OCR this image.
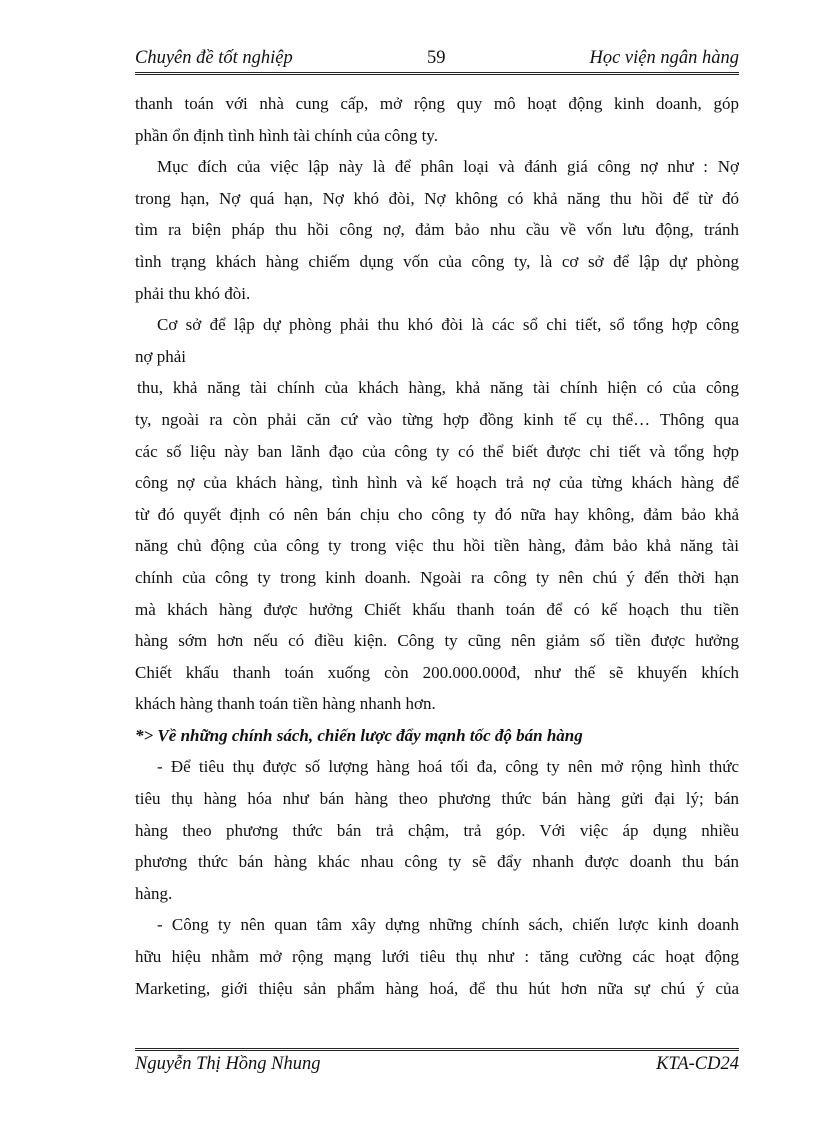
Chuyên đề tốt nghiệp	59	Học viện ngân hàng
thanh toán với nhà cung cấp, mở rộng quy mô hoạt động kinh doanh, góp
phần ổn định tình hình tài chính của công ty.
Mục đích của việc lập này là để phân loại và đánh giá công nợ như : Nợ
trong hạn, Nợ quá hạn, Nợ khó đòi, Nợ không có khả năng thu hồi để từ đó
tìm ra biện pháp thu hồi công nợ, đảm bảo nhu cầu về vốn lưu động, tránh
tình trạng khách hàng chiếm dụng vốn của công ty, là cơ sở để lập dự phòng
phải thu khó đòi.
Cơ sở để lập dự phòng phải thu khó đòi là các sổ chi tiết, sổ tổng hợp công
nợ phải
thu, khả năng tài chính của khách hàng, khả năng tài chính hiện có của công
ty, ngoài ra còn phải căn cứ vào từng hợp đồng kinh tế cụ thể… Thông qua
các số liệu này ban lãnh đạo của công ty có thể biết được chi tiết và tổng hợp
công nợ của khách hàng, tình hình và kế hoạch trả nợ của từng khách hàng để
từ đó quyết định có nên bán chịu cho công ty đó nữa hay không, đảm bảo khả
năng chủ động của công ty trong việc thu hồi tiền hàng, đảm bảo khả năng tài
chính của công ty trong kinh doanh. Ngoài ra công ty nên chú ý đến thời hạn
mà khách hàng được hưởng Chiết khấu thanh toán để có kế hoạch thu tiền
hàng sớm hơn nếu có điều kiện. Công ty cũng nên giảm số tiền được hưởng
Chiết khấu thanh toán xuống còn 200.000.000đ, như thế sẽ khuyến khích
khách hàng thanh toán tiền hàng nhanh hơn.
*> Về những chính sách, chiến lược đẩy mạnh tốc độ bán hàng
- Để tiêu thụ được số lượng hàng hoá tối đa, công ty nên mở rộng hình thức
tiêu thụ hàng hóa như bán hàng theo phương thức bán hàng gửi đại lý; bán
hàng theo phương thức bán trả chậm, trả góp. Với việc áp dụng nhiều
phương thức bán hàng khác nhau công ty sẽ đẩy nhanh được doanh thu bán
hàng.
- Công ty nên quan tâm xây dựng những chính sách, chiến lược kinh doanh
hữu hiệu nhằm mở rộng mạng lưới tiêu thụ như : tăng cường các hoạt động
Marketing, giới thiệu sản phẩm hàng hoá, để thu hút hơn nữa sự chú ý của
Nguyễn Thị Hồng Nhung	KTA-CD24
